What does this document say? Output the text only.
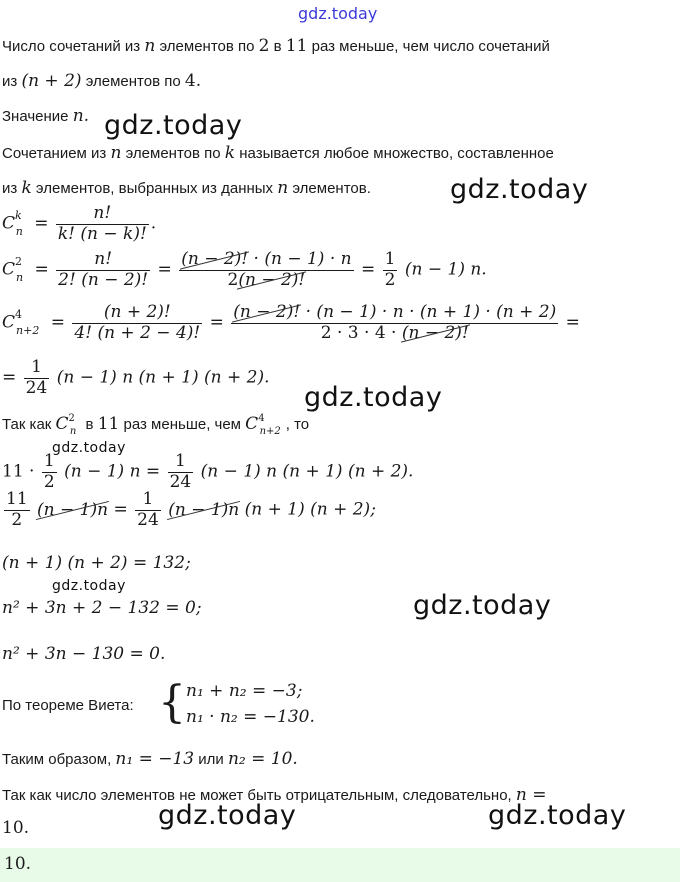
gdz.today
Число сочетаний из n элементов по 2 в 11 раз меньше, чем число сочетаний
из (n + 2) элементов по 4.
Значение n. gdz.today
Сочетанием из n элементов по k называется любое множество, составленное
из k элементов, выбранных из данных n элементов.	gdz.today
$C^k_n = \frac{n!}{k! (n - k)!}$ .
$C^2_n = \frac{n!}{2! (n - 2)!} = \frac{(n - 2)! \cdot (n - 1) \cdot n}{2(n - 2)!} = \frac{1}{2} (n - 1)$ n.
$C^4_{n+2} = \frac{(n + 2)!}{4! (n + 2 - 4)!} = \frac{(n - 2)! \cdot (n - 1) \cdot n \cdot (n + 1) \cdot (n + 2)}{2 \cdot 3 \cdot 4 \cdot (n - 2)!}$ =
= $\frac{1}{24} (n - 1)$ n (n + 1) (n + 2).
gdz.today
Так как $C^2_n$ в 11 раз меньше, чем $C^4_{n+2}$ , то
gdz.today
$11 \cdot \frac{1}{2} (n - 1) n = \frac{1}{24} (n - 1)$ n (n + 1) (n + 2).
$\frac{11}{2} (n - 1)n = \frac{1}{24} (n - 1)n$ (n + 1) (n + 2);
(n + 1) (n + 2) = 132;
gdz.today
n² + 3n + 2 − 132 = 0;	gdz.today
n² + 3n − 130 = 0.
По теореме Виета: { n₁ + n₂ = −3;
n₁ · n₂ = −130.
Таким образом, n₁ = −13 или n₂ = 10.
Так как число элементов не может быть отрицательным, следовательно, n =
10.	gdz.today	gdz.today
10.
